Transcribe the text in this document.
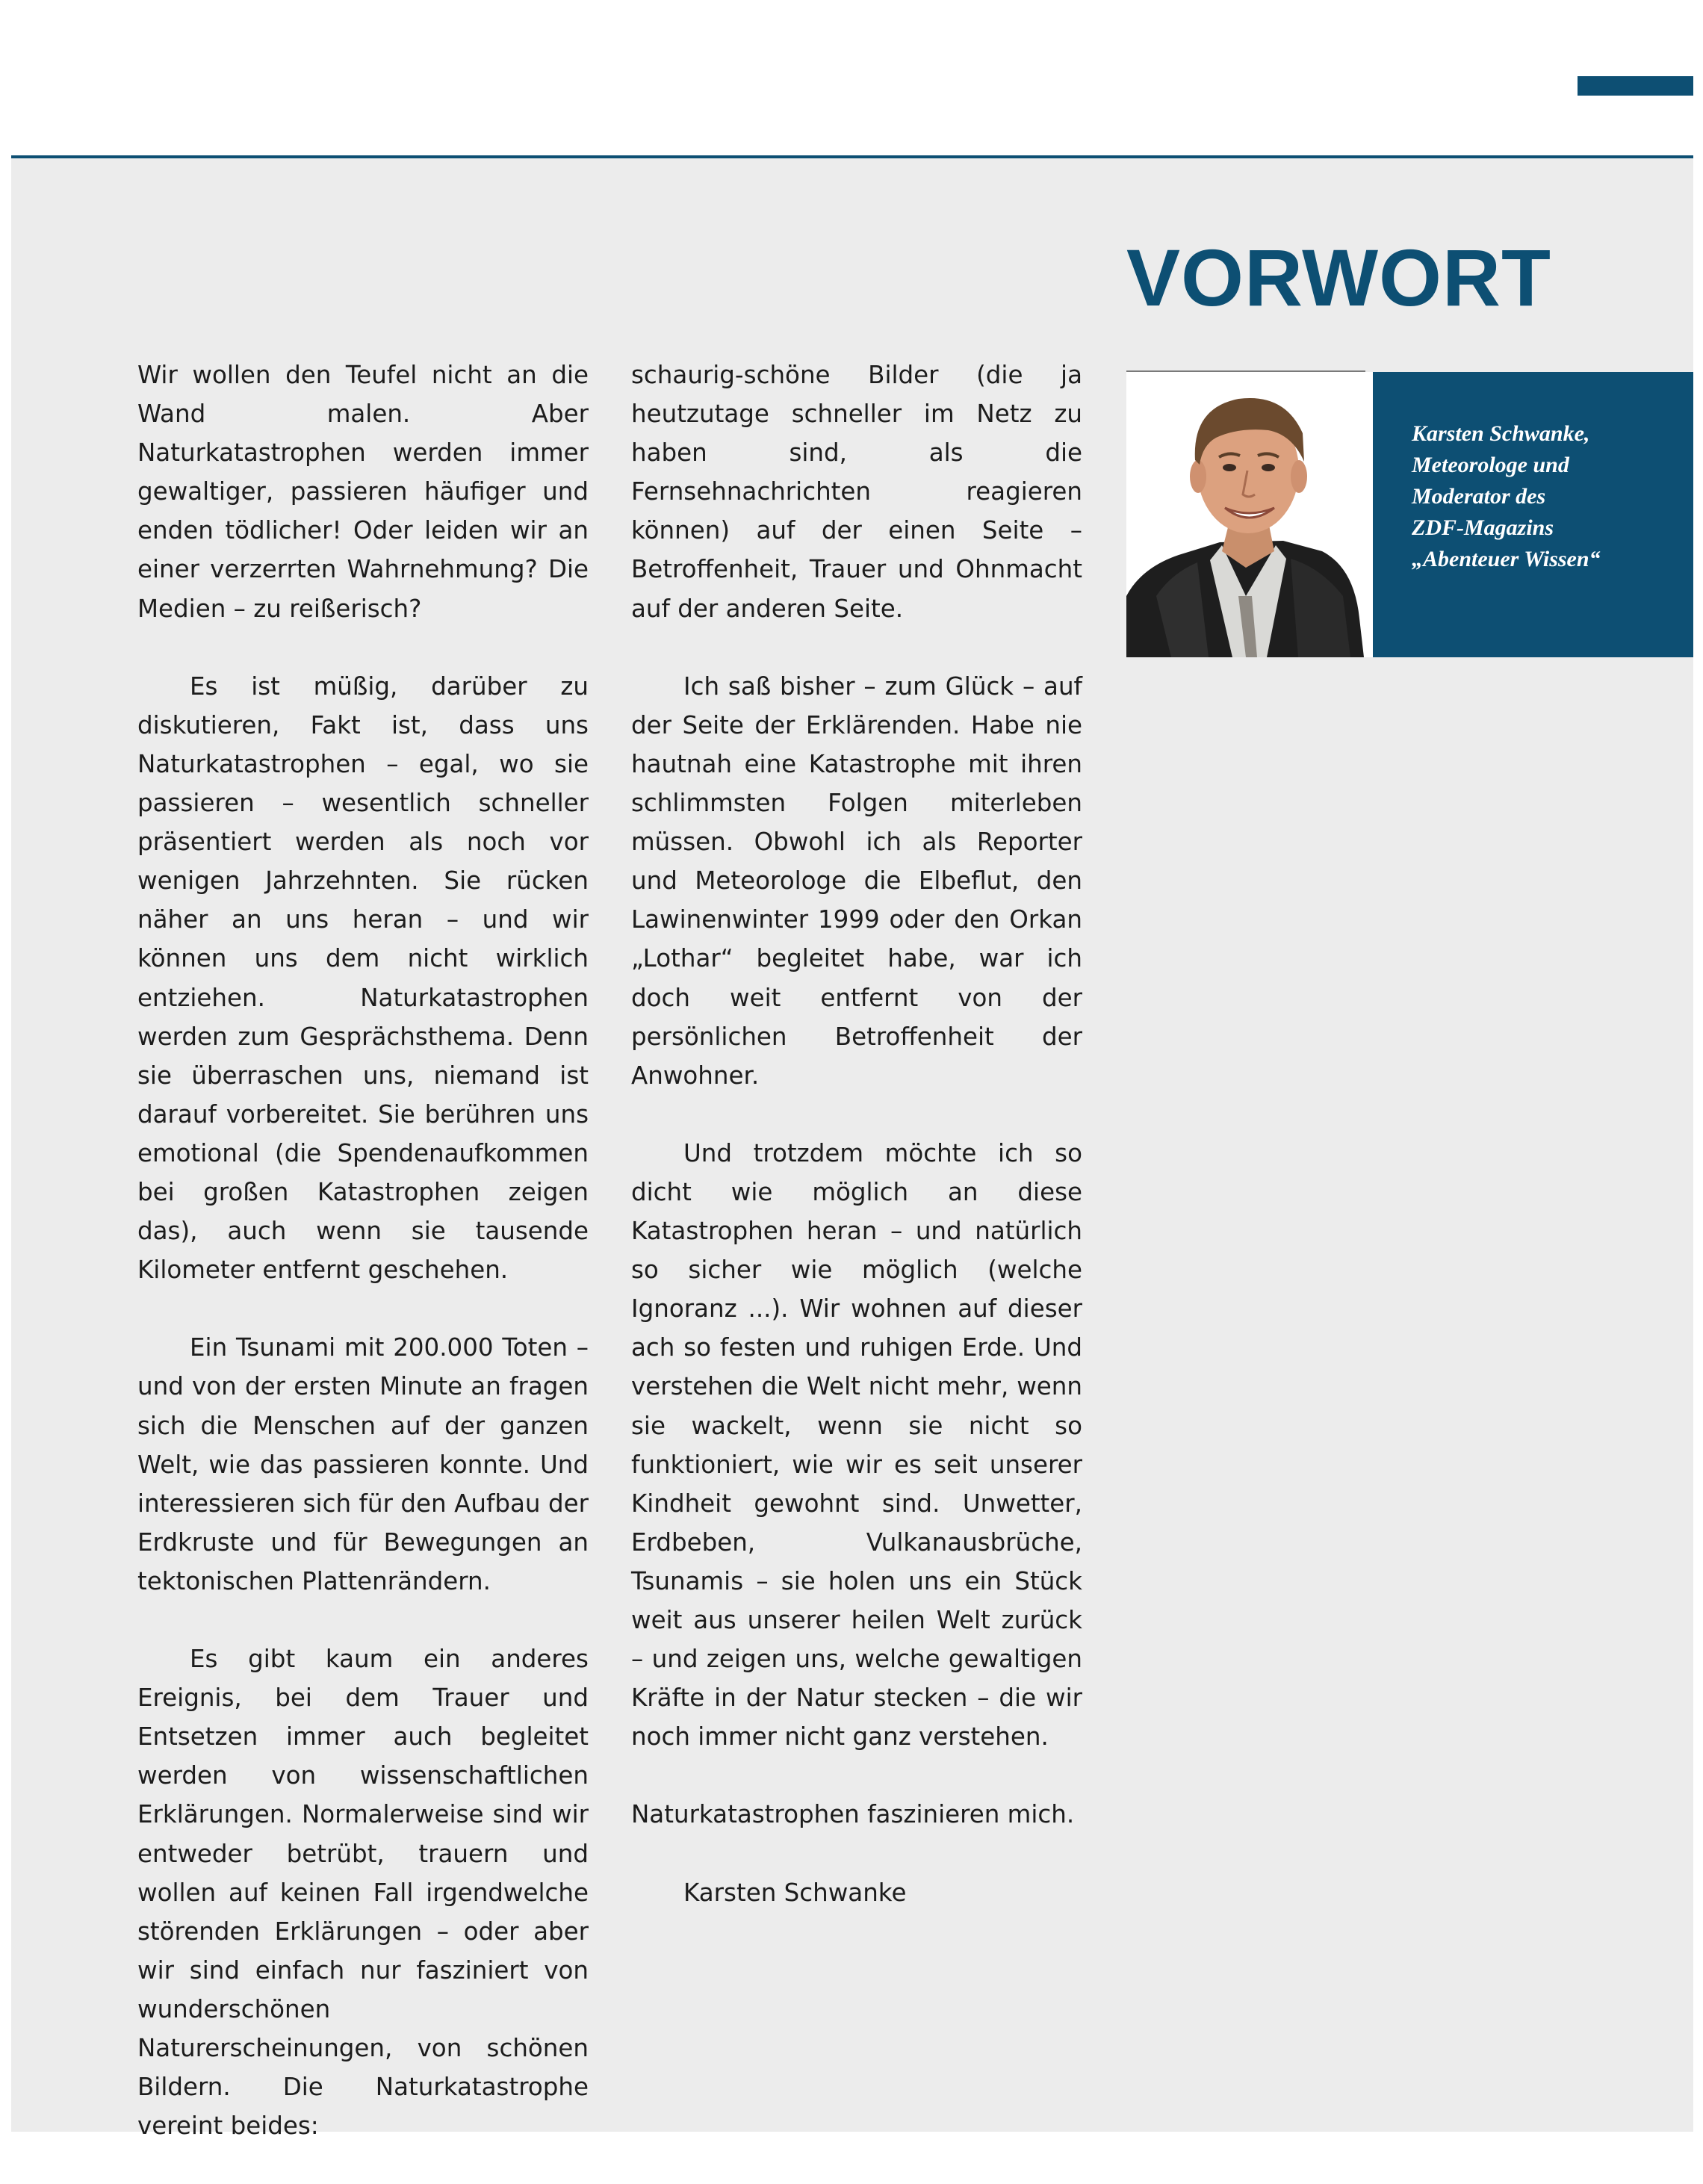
VORWORT
Karsten Schwanke,
Meteorologe und
Moderator des
ZDF-Magazins
„Abenteuer Wissen“

Wir wollen den Teufel nicht an die Wand malen. Aber Naturkatastrophen werden immer gewaltiger, passieren häufiger und enden tödlicher! Oder leiden wir an einer verzerrten Wahrnehmung? Die Medien – zu reißerisch?

Es ist müßig, darüber zu diskutieren, Fakt ist, dass uns Naturkatastrophen – egal, wo sie passieren – wesentlich schneller präsentiert werden als noch vor wenigen Jahrzehnten. Sie rücken näher an uns heran – und wir können uns dem nicht wirklich entziehen. Naturkatastrophen werden zum Gesprächsthema. Denn sie überraschen uns, niemand ist darauf vorbereitet. Sie berühren uns emotional (die Spendenaufkommen bei großen Katastrophen zeigen das), auch wenn sie tausende Kilometer entfernt geschehen.

Ein Tsunami mit 200.000 Toten – und von der ersten Minute an fragen sich die Menschen auf der ganzen Welt, wie das passieren konnte. Und interessieren sich für den Aufbau der Erdkruste und für Bewegungen an tektonischen Plattenrändern.

Es gibt kaum ein anderes Ereignis, bei dem Trauer und Entsetzen immer auch begleitet werden von wissenschaftlichen Erklärungen. Normalerweise sind wir entweder betrübt, trauern und wollen auf keinen Fall irgendwelche störenden Erklärungen – oder aber wir sind einfach nur fasziniert von wunderschönen Naturerscheinungen, von schönen Bildern. Die Naturkatastrophe vereint beides:

schaurig-schöne Bilder (die ja heutzutage schneller im Netz zu haben sind, als die Fernsehnachrichten reagieren können) auf der einen Seite – Betroffenheit, Trauer und Ohnmacht auf der anderen Seite.

Ich saß bisher – zum Glück – auf der Seite der Erklärenden. Habe nie hautnah eine Katastrophe mit ihren schlimmsten Folgen miterleben müssen. Obwohl ich als Reporter und Meteorologe die Elbeflut, den Lawinenwinter 1999 oder den Orkan „Lothar“ begleitet habe, war ich doch weit entfernt von der persönlichen Betroffenheit der Anwohner.

Und trotzdem möchte ich so dicht wie möglich an diese Katastrophen heran – und natürlich so sicher wie möglich (welche Ignoranz ...). Wir wohnen auf dieser ach so festen und ruhigen Erde. Und verstehen die Welt nicht mehr, wenn sie wackelt, wenn sie nicht so funktioniert, wie wir es seit unserer Kindheit gewohnt sind. Unwetter, Erdbeben, Vulkanausbrüche, Tsunamis – sie holen uns ein Stück weit aus unserer heilen Welt zurück – und zeigen uns, welche gewaltigen Kräfte in der Natur stecken – die wir noch immer nicht ganz verstehen.

Naturkatastrophen faszinieren mich.

Karsten Schwanke
